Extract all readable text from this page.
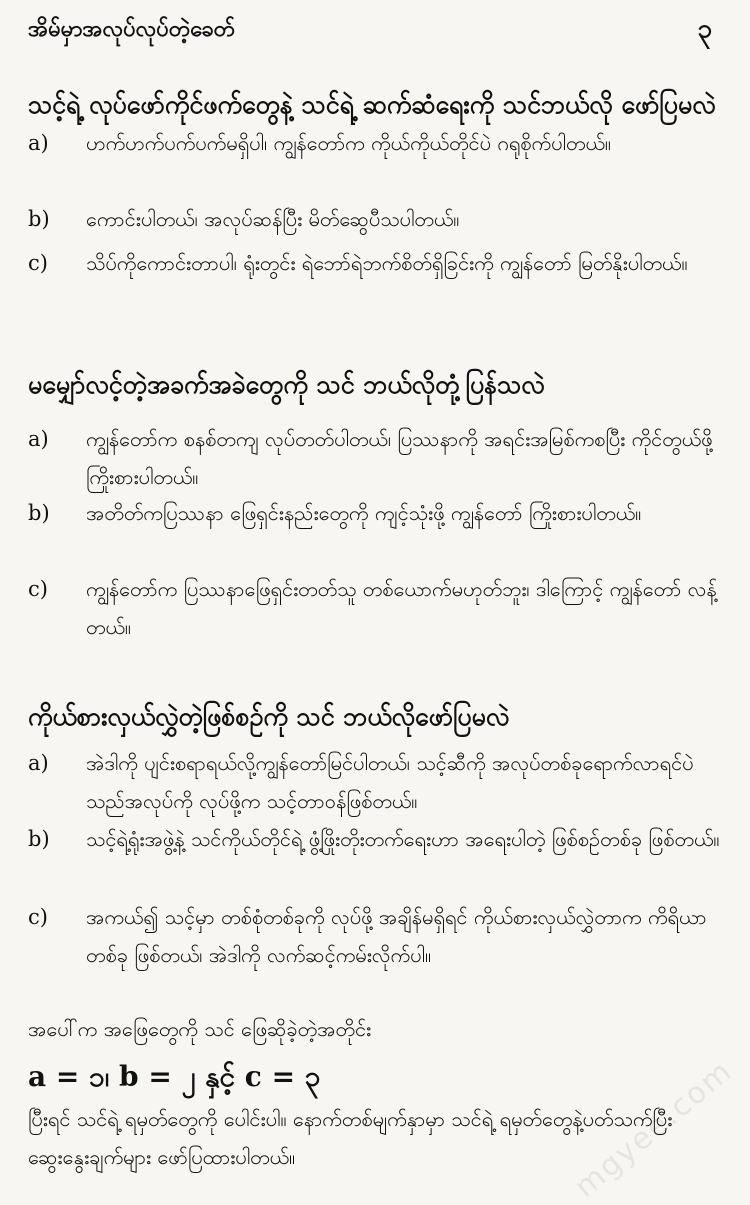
အိမ်မှာအလုပ်လုပ်တဲ့ခေတ်	၃
သင့်ရဲ့ လုပ်ဖော်ကိုင်ဖက်တွေနဲ့ သင်ရဲ့ ဆက်ဆံရေးကို သင်ဘယ်လို ဖော်ပြမလဲ
a)	ဟက်ဟက်ပက်ပက်မရှိပါ၊ ကျွန်တော်က ကိုယ်ကိုယ်တိုင်ပဲ ဂရုစိုက်ပါတယ်။
b)	ကောင်းပါတယ်၊ အလုပ်ဆန်ပြီး မိတ်ဆွေပီသပါတယ်။
c)	သိပ်ကိုကောင်းတာပါ၊ ရုံးတွင်း ရဲဘော်ရဲဘက်စိတ်ရှိခြင်းကို ကျွန်တော် မြတ်နိုးပါတယ်။
မမျှော်လင့်တဲ့အခက်အခဲတွေကို သင် ဘယ်လိုတုံ့ပြန်သလဲ
a)	ကျွန်တော်က စနစ်တကျ လုပ်တတ်ပါတယ်၊ ပြဿနာကို အရင်းအမြစ်ကစပြီး ကိုင်တွယ်ဖို့ ကြိုးစားပါတယ်။
b)	အတိတ်ကပြဿနာ ဖြေရှင်းနည်းတွေကို ကျင့်သုံးဖို့ ကျွန်တော် ကြိုးစားပါတယ်။
c)	ကျွန်တော်က ပြဿနာဖြေရှင်းတတ်သူ တစ်ယောက်မဟုတ်ဘူး၊ ဒါကြောင့် ကျွန်တော် လန့်တယ်။
ကိုယ်စားလှယ်လွှဲတဲ့ဖြစ်စဉ်ကို သင် ဘယ်လိုဖော်ပြမလဲ
a)	အဲဒါကို ပျင်းစရာရယ်လို့ကျွန်တော်မြင်ပါတယ်၊ သင့်ဆီကို အလုပ်တစ်ခုရောက်လာရင်ပဲ သည်အလုပ်ကို လုပ်ဖို့က သင့်တာဝန်ဖြစ်တယ်။
b)	သင့်ရဲ့ရုံးအဖွဲ့နဲ့ သင်ကိုယ်တိုင်ရဲ့ ဖွံ့ဖြိုးတိုးတက်ရေးဟာ အရေးပါတဲ့ ဖြစ်စဉ်တစ်ခု ဖြစ်တယ်။
c)	အကယ်၍ သင့်မှာ တစ်စုံတစ်ခုကို လုပ်ဖို့ အချိန်မရှိရင် ကိုယ်စားလှယ်လွှဲတာက ကိရိယာတစ်ခု ဖြစ်တယ်၊ အဲဒါကို လက်ဆင့်ကမ်းလိုက်ပါ။
အပေါ်က အဖြေတွေကို သင် ဖြေဆိုခဲ့တဲ့အတိုင်း
a = ၁၊ b = ၂ နှင့် c = ၃
ပြီးရင် သင်ရဲ့ ရမှတ်တွေကို ပေါင်းပါ။ နောက်တစ်မျက်နှာမှာ သင်ရဲ့ ရမှတ်တွေနဲ့ပတ်သက်ပြီး ဆွေးနွေးချက်များ ဖော်ပြထားပါတယ်။	mgyee.com
